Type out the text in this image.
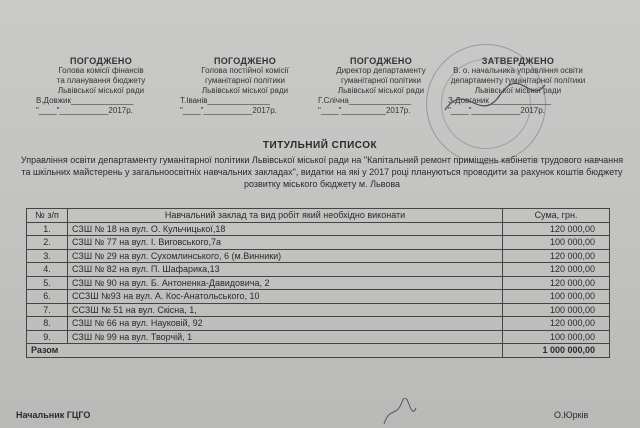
ПОГОДЖЕНО
Голова комісії фінансів
та планування бюджету
Львівської міської ради
В.Довжик______________
"____"___________2017р.
ПОГОДЖЕНО
Голова постійної комісії
гуманітарної політики
Львівської міської ради
Т.Іванів______________
"____"___________2017р.
ПОГОДЖЕНО
Директор департаменту
гуманітарної політики
Львівської міської ради
Г.Слічна______________
"____"__________2017р.
ЗАТВЕРДЖЕНО
В. о. начальника управління освіти
департаменту гуманітарної політики
Львівської міської ради
З.Довганик______________
"____"___________2017р.
ТИТУЛЬНИЙ СПИСОК
Управління освіти департаменту гуманітарної політики Львівської міської ради на "Капітальний ремонт приміщень кабінетів трудового навчання та шкільних майстерень у загальноосвітніх навчальних закладах", видатки на які у 2017 році плануються проводити за рахунок коштів бюджету розвитку міського бюджету м. Львова
№ з/п	Навчальний заклад та вид робіт який необхідно виконати	Сума, грн.
1.	СЗШ № 18 на вул. О. Кульчицької,18	120 000,00
2.	СЗШ № 77 на вул. І. Виговського,7а	100 000,00
3.	СЗШ № 29 на вул. Сухомлинського, 6 (м.Винники)	120 000,00
4.	СЗШ № 82 на вул. П. Шафарика,13	120 000,00
5.	СЗШ № 90 на вул. Б. Антоненка-Давидовича, 2	120 000,00
6.	ССЗШ №93 на вул. А. Кос-Анатольського, 10	100 000,00
7.	ССЗШ № 51 на вул. Скісна, 1,	100 000,00
8.	СЗШ № 66 на вул. Науковій, 92	120 000,00
9.	СЗШ № 99 на вул. Творчій, 1	100 000,00
Разом		1 000 000,00
Начальник ГЦГО	О.Юрків
